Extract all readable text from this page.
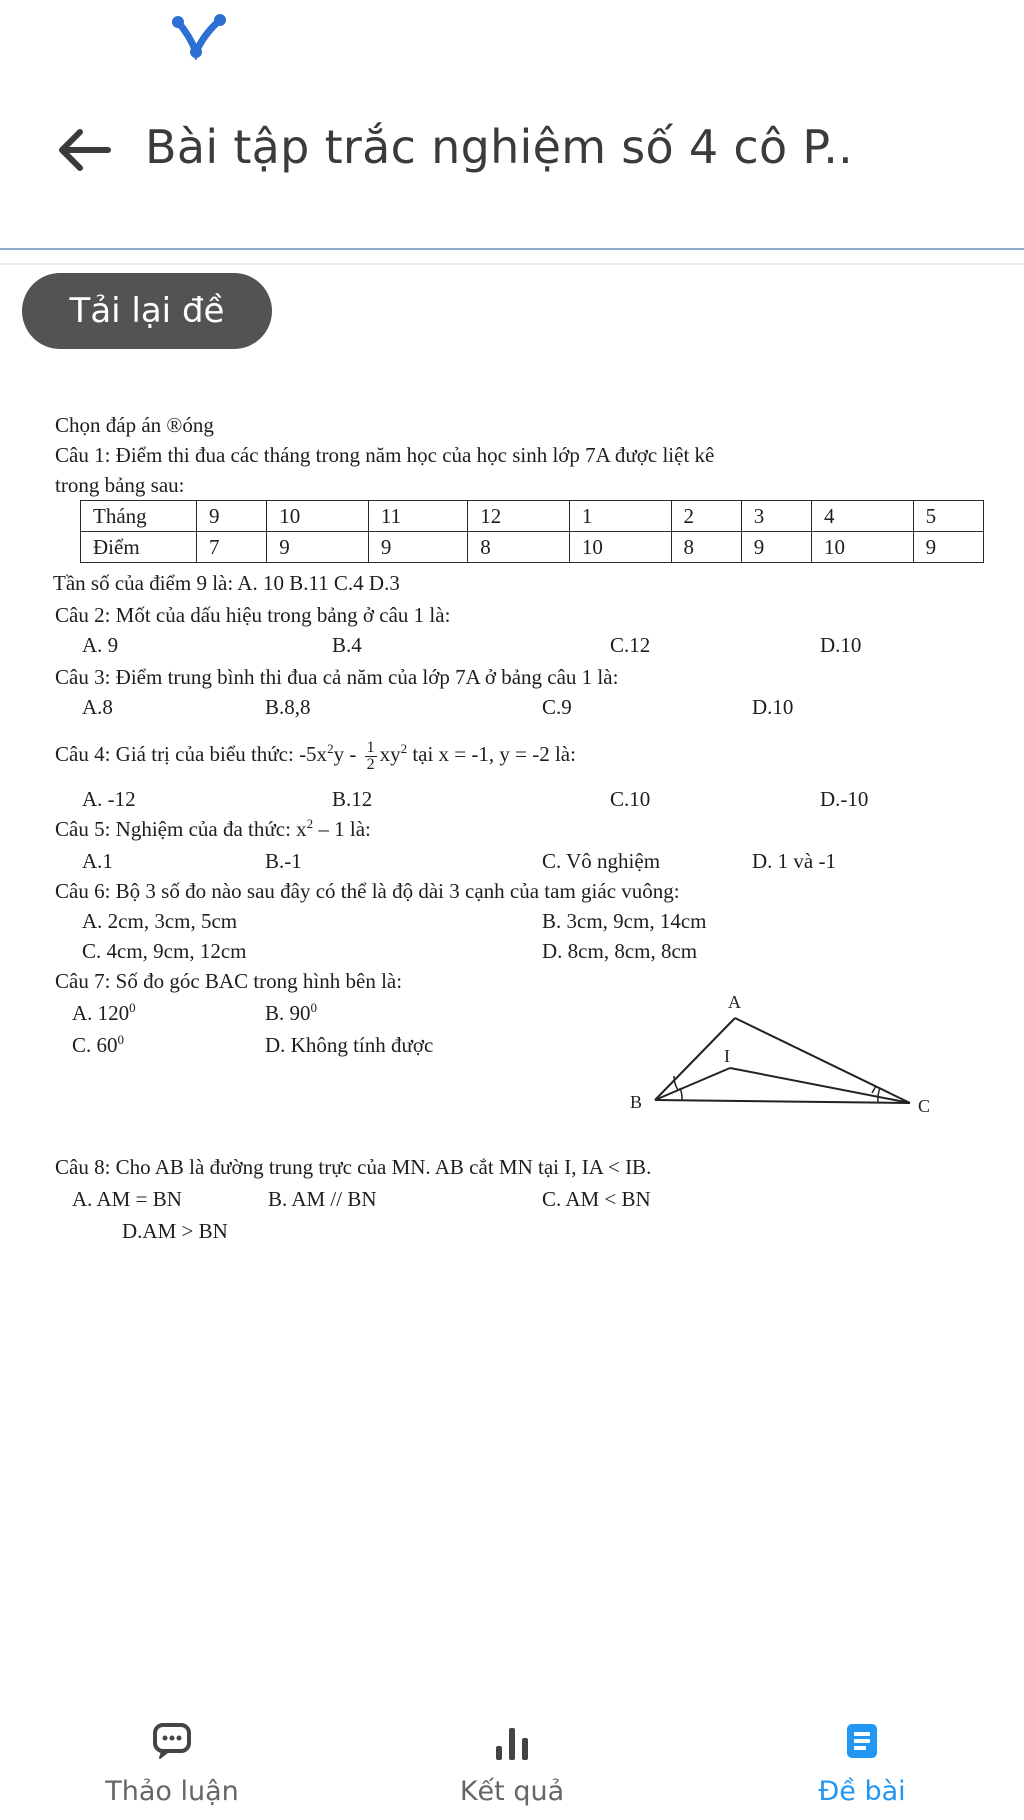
Bài tập trắc nghiệm số 4 cô P..
Tải lại đề
Chọn đáp án ®óng
Câu 1: Điểm thi đua các tháng trong năm học của học sinh lớp 7A được liệt kê
trong bảng sau:
Tháng	9	10	11	12	1	2	3	4	5
Điểm	7	9	9	8	10	8	9	10	9
Tần số của điểm 9 là: A. 10 B.11 C.4 D.3
Câu 2: Mốt của dấu hiệu trong bảng ở câu 1 là:
A. 9	B.4	C.12	D.10
Câu 3: Điểm trung bình thi đua cả năm của lớp 7A ở bảng câu 1 là:
A.8	B.8,8	C.9	D.10
Câu 4: Giá trị của biểu thức: $-5x^2y - \frac{1}{2} xy^2$ tại x = -1, y = -2 là:
A. -12	B.12	C.10	D.-10
Câu 5: Nghiệm của đa thức: $x^2 - 1$ là:
A.1	B.-1	C. Vô nghiệm	D. 1 và -1
Câu 6: Bộ 3 số đo nào sau đây có thể là độ dài 3 cạnh của tam giác vuông:
A. 2cm, 3cm, 5cm	B. 3cm, 9cm, 14cm
C. 4cm, 9cm, 12cm	D. 8cm, 8cm, 8cm
Câu 7: Số đo góc BAC trong hình bên là:
A. $120^0$	B. $90^0$
C. $60^0$	D. Không tính được
A
B	C
I
Câu 8: Cho AB là đường trung trực của MN. AB cắt MN tại I, IA < IB.
A. AM = BN	B. AM // BN	C. AM < BN
D.AM > BN
Thảo luận	Kết quả	Đề bài
